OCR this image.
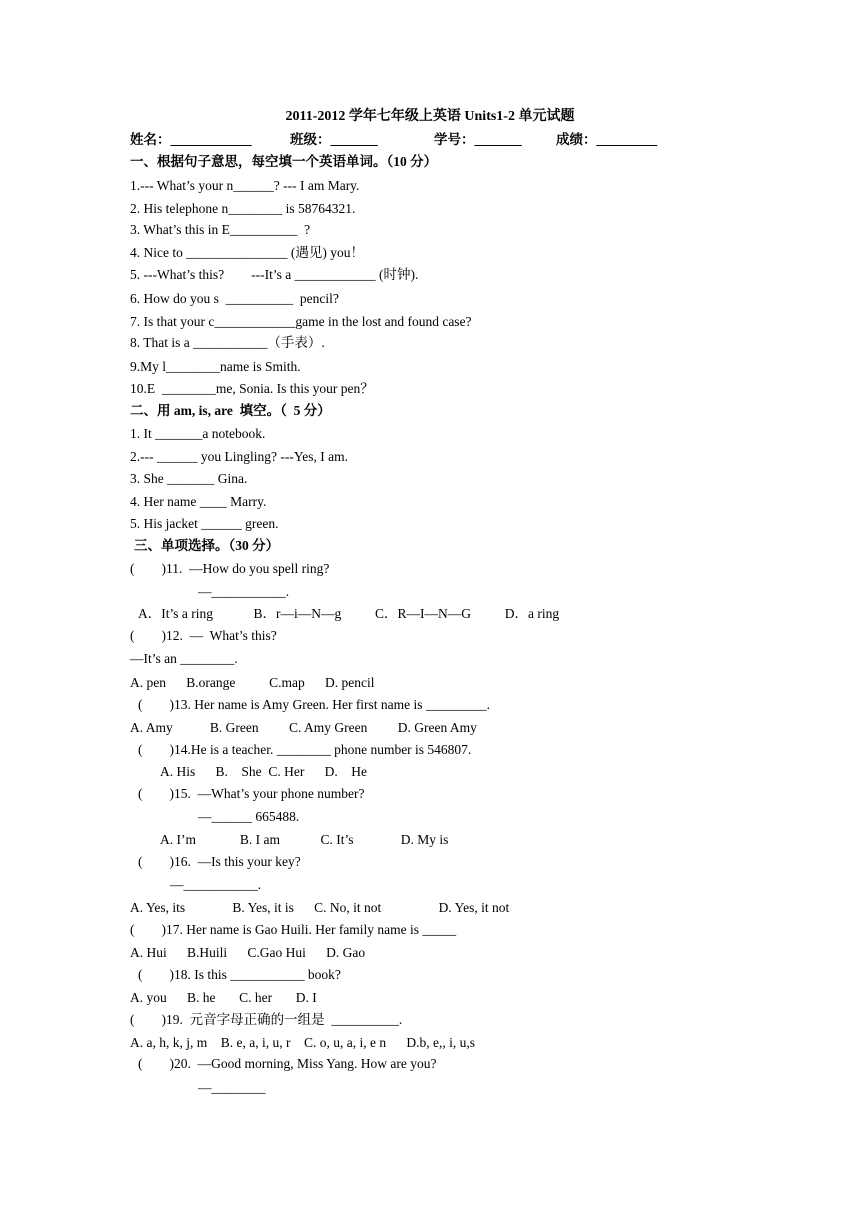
2011-2012 学年七年级上英语 Units1-2 单元试题
姓名：____________	班级：_______	学号：_______	成绩：_________
一、根据句子意思，每空填一个英语单词。（10 分）
1.--- What’s your n______? --- I am Mary.
2. His telephone n________ is 58764321.
3. What’s this in E__________  ?
4. Nice to _______________ (遇见) you！
5. ---What’s this?        ---It’s a ____________ (时钟).
6. How do you s  __________  pencil?
7. Is that your c____________game in the lost and found case?
8. That is a ___________（手表）.
9.My l________name is Smith.
10.E  ________me, Sonia. Is this your pen？
二、用 am, is, are  填空。（  5 分）
1. It _______a notebook.
2.--- ______ you Lingling? ---Yes, I am.
3. She _______ Gina.
4. Her name ____ Marry.
5. His jacket ______ green.
三、单项选择。（30 分）
(        )11.  —How do you spell ring?
—___________.
A．It’s a ring            B．r—i—N—g          C．R—I—N—G          D．a ring
(        )12.  —  What’s this?
—It’s an ________.
A. pen      B.orange          C.map      D. pencil
(        )13. Her name is Amy Green. Her first name is _________.
A. Amy           B. Green         C. Amy Green         D. Green Amy
(        )14.He is a teacher. ________ phone number is 546807.
A. His      B.    She  C. Her      D.    He
(        )15.  —What’s your phone number?
—______ 665488.
A. I’m             B. I am            C. It’s              D. My is
(        )16.  —Is this your key?
—___________.
A. Yes, its              B. Yes, it is      C. No, it not                 D. Yes, it not
(        )17. Her name is Gao Huili. Her family name is _____
A. Hui      B.Huili      C.Gao Hui      D. Gao
(        )18. Is this ___________ book?
A. you      B. he       C. her       D. I
(        )19.  元音字母正确的一组是  __________.
A. a, h, k, j, m    B. e, a, i, u, r    C. o, u, a, i, e n      D.b, e,, i, u,s
(        )20.  —Good morning, Miss Yang. How are you?
—________
